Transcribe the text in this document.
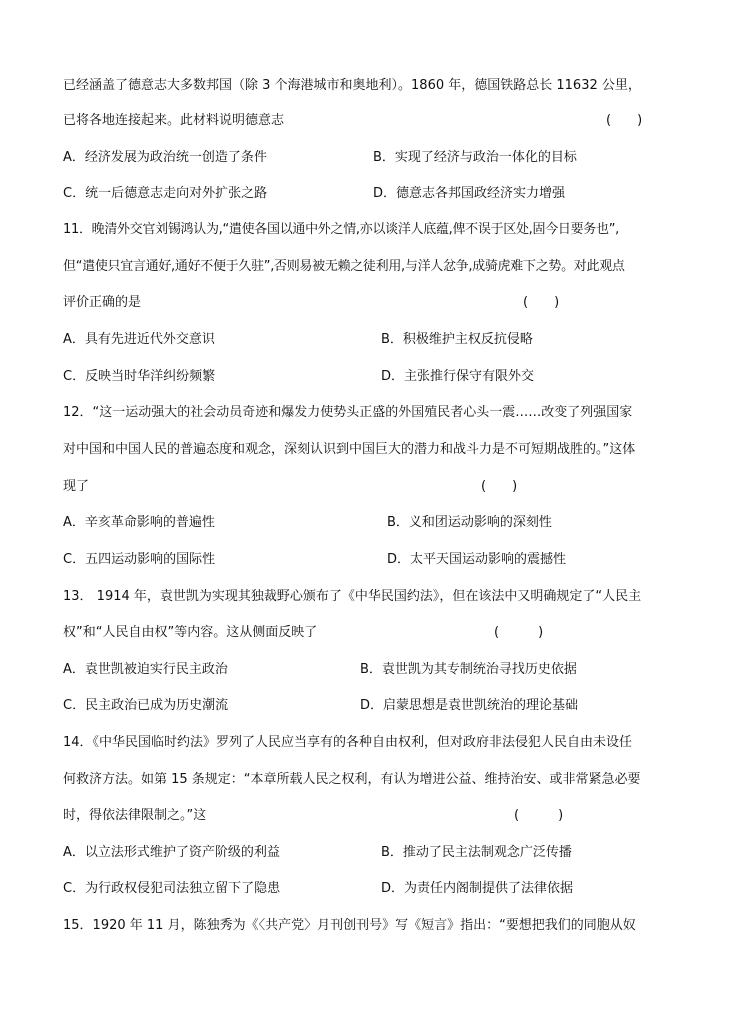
已经涵盖了德意志大多数邦国（除 3 个海港城市和奥地利）。1860 年，德国铁路总长 11632 公里，
已将各地连接起来。此材料说明德意志	(　　)
A．经济发展为政治统一创造了条件	B．实现了经济与政治一体化的目标
C．统一后德意志走向对外扩张之路	D．德意志各邦国政经济实力增强
11．晚清外交官刘锡鸿认为,“遣使各国以通中外之情,亦以谈洋人底蕴,俾不误于区处,固今日要务也”,
但“遣使只宜言通好,通好不便于久驻”,否则易被无赖之徒利用,与洋人忿争,成骑虎难下之势。对此观点
评价正确的是	(　　)
A．具有先进近代外交意识	B．积极维护主权反抗侵略
C．反映当时华洋纠纷频繁	D．主张推行保守有限外交
12．“这一运动强大的社会动员奇迹和爆发力使势头正盛的外国殖民者心头一震……改变了列强国家
对中国和中国人民的普遍态度和观念，深刻认识到中国巨大的潜力和战斗力是不可短期战胜的。”这体
现了	(　　)
A．辛亥革命影响的普遍性	B．义和团运动影响的深刻性
C．五四运动影响的国际性	D．太平天国运动影响的震撼性
13． 1914 年，袁世凯为实现其独裁野心颁布了《中华民国约法》，但在该法中又明确规定了“人民主
权”和“人民自由权”等内容。这从侧面反映了	(　　　)
A．袁世凯被迫实行民主政治	B．袁世凯为其专制统治寻找历史依据
C．民主政治已成为历史潮流	D．启蒙思想是袁世凯统治的理论基础
14．《中华民国临时约法》罗列了人民应当享有的各种自由权利，但对政府非法侵犯人民自由未设任
何救济方法。如第 15 条规定：“本章所载人民之权利，有认为增进公益、维持治安、或非常紧急必要
时，得依法律限制之。”这	(　　　)
A．以立法形式维护了资产阶级的利益	B．推动了民主法制观念广泛传播
C．为行政权侵犯司法独立留下了隐患	D．为责任内阁制提供了法律依据
15．1920 年 11 月，陈独秀为《〈共产党〉月刊创刊号》写《短言》指出：“要想把我们的同胞从奴
